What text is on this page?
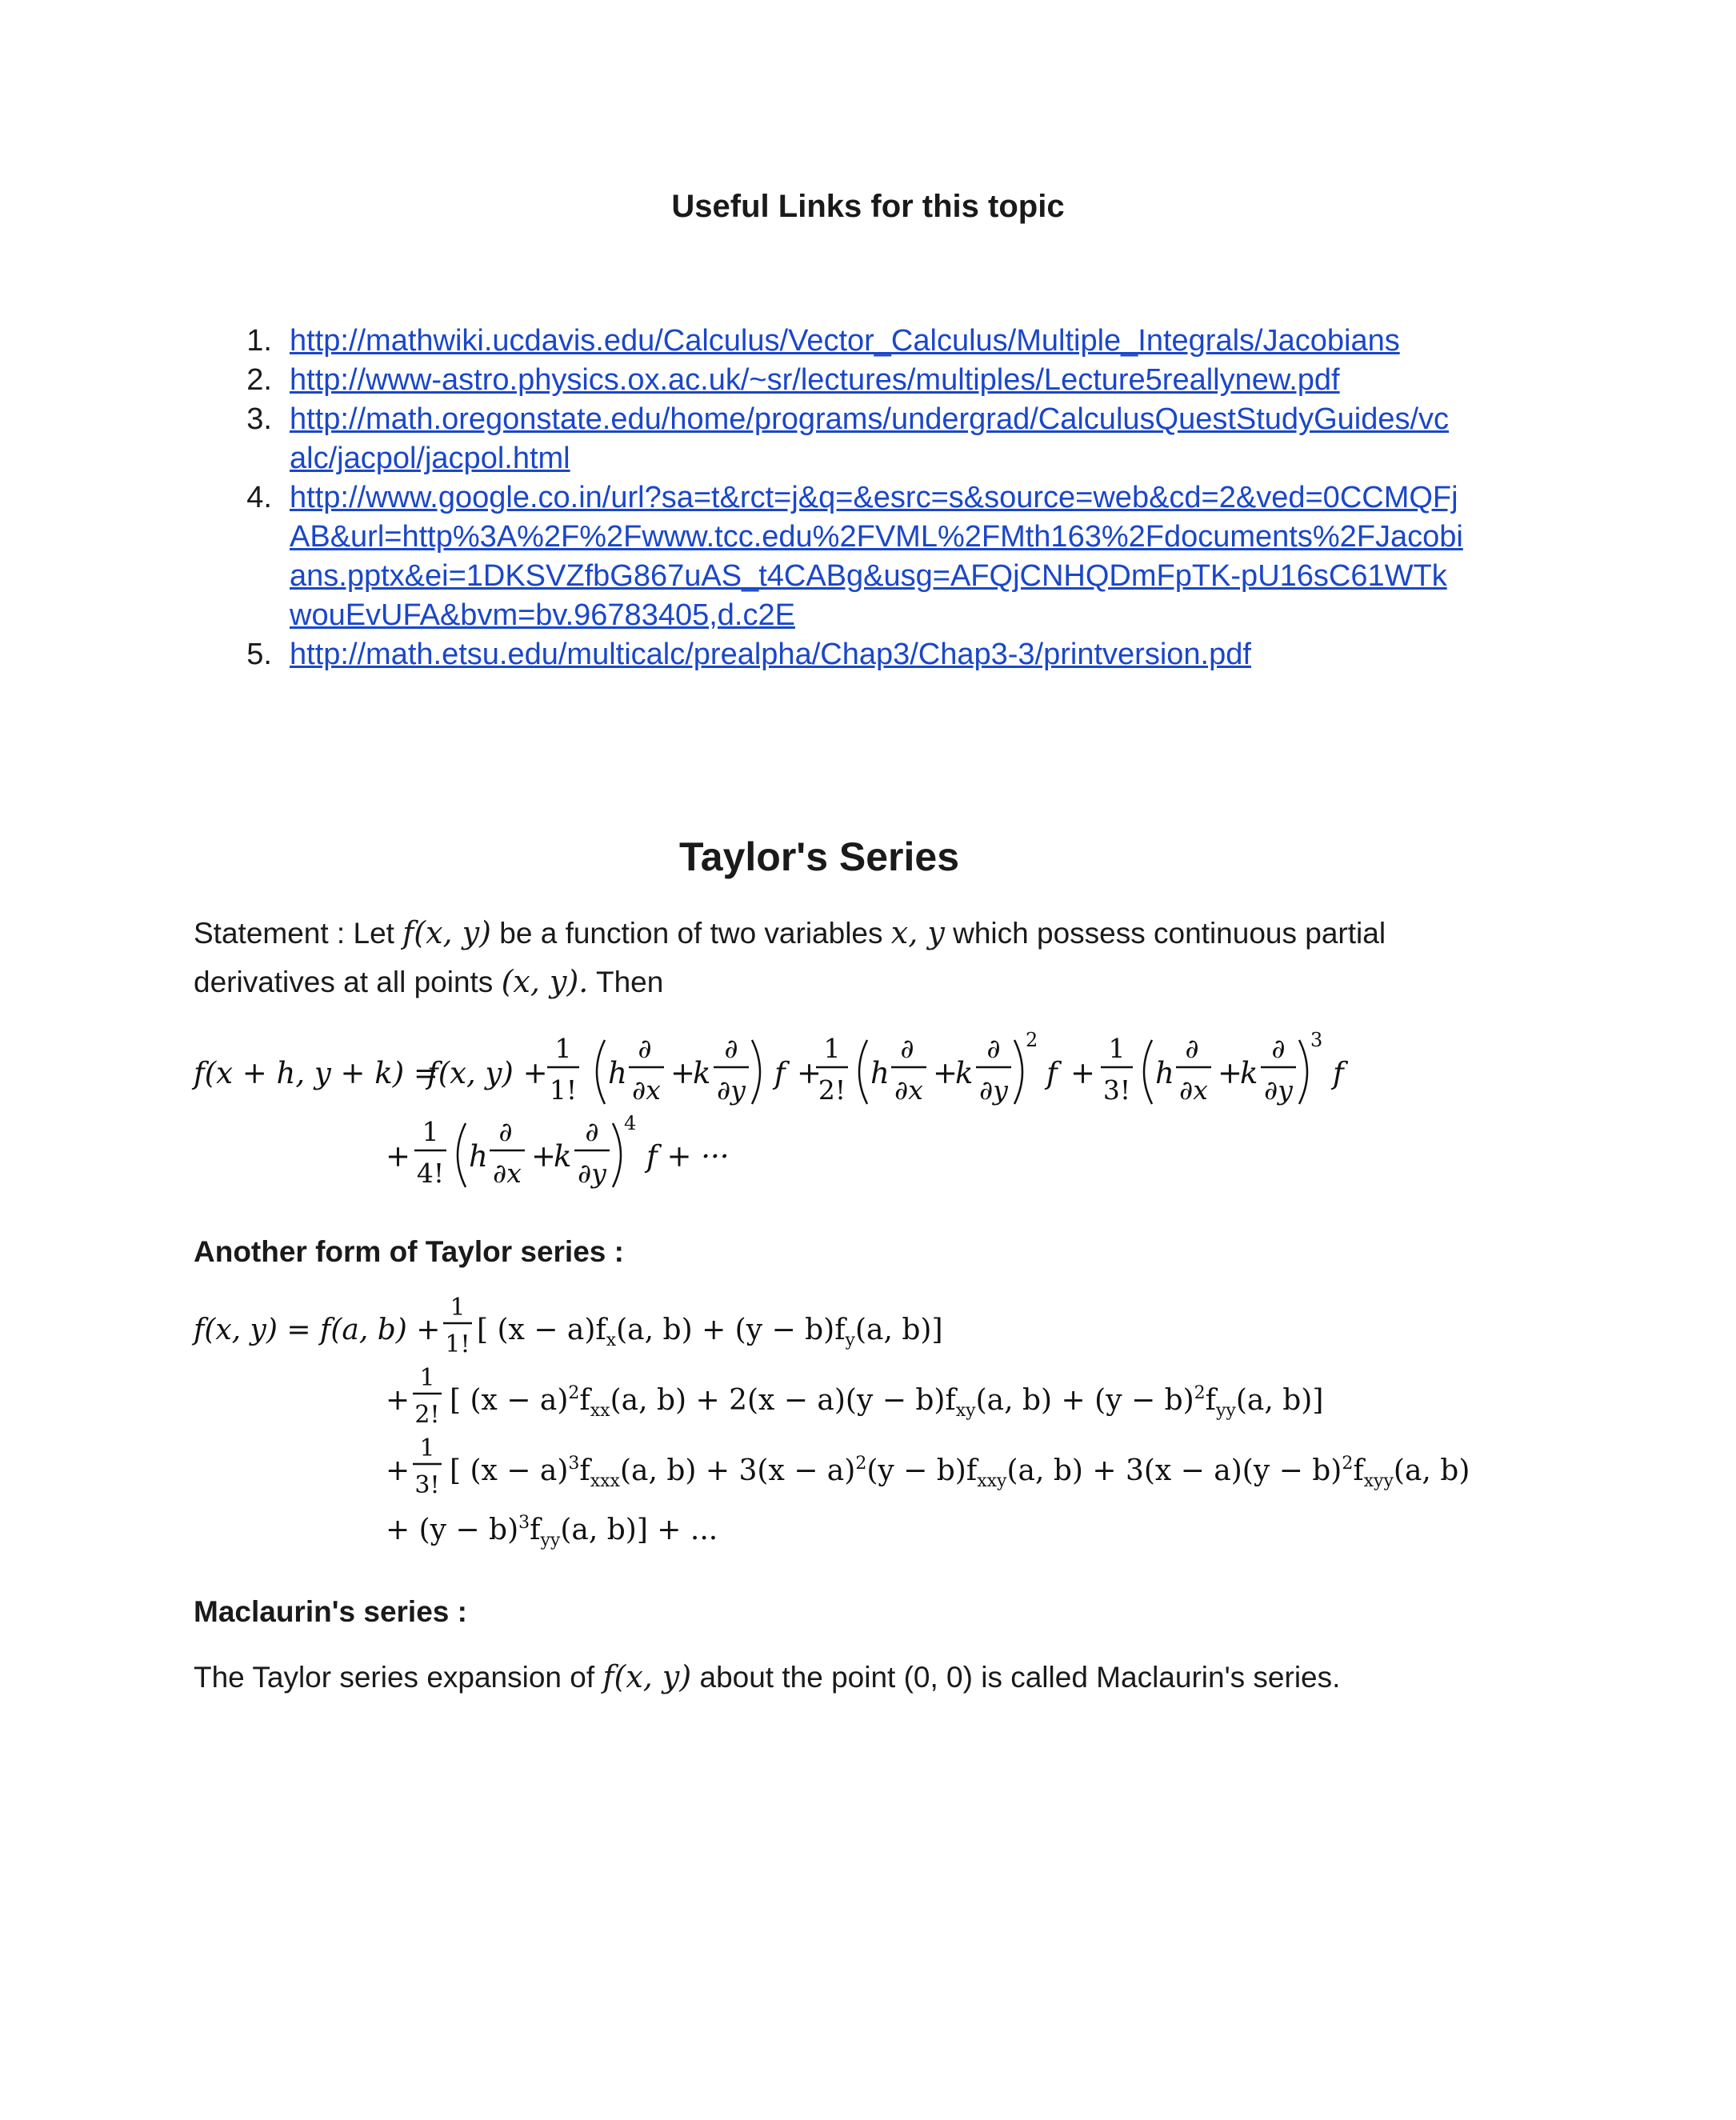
Useful Links for this topic
1. http://mathwiki.ucdavis.edu/Calculus/Vector_Calculus/Multiple_Integrals/Jacobians
2. http://www-astro.physics.ox.ac.uk/~sr/lectures/multiples/Lecture5reallynew.pdf
3. http://math.oregonstate.edu/home/programs/undergrad/CalculusQuestStudyGuides/vcalc/jacpol/jacpol.html
4. http://www.google.co.in/url?sa=t&rct=j&q=&esrc=s&source=web&cd=2&ved=0CCMQFjAB&url=http%3A%2F%2Fwww.tcc.edu%2FVML%2FMth163%2Fdocuments%2FJacobians.pptx&ei=1DKSVZfbG867uAS_t4CABg&usg=AFQjCNHQDmFpTK-pU16sC61WTkwouEvUFA&bvm=bv.96783405,d.c2E
5. http://math.etsu.edu/multicalc/prealpha/Chap3/Chap3-3/printversion.pdf
Taylor's Series

Statement : Let f(x, y) be a function of two variables x, y which possess continuous partial derivatives at all points (x, y). Then

f(x + h, y + k) =
f(x, y) +
1
1! h
∂
∂x +
k
∂
∂y f +
1
2! h
∂
∂x +
k
∂
∂y
2
f +
1
3! h
∂
∂x +
k
∂
∂y
3
f
+
1
4! h
∂
∂x +
k
∂
∂y
4
f + ···
Another form of Taylor series :
f(x, y) = f(a, b) +
1
1! [ $(x - a)f_x(a$, $b) + (y - b)f_y(a$, b)]
+
1
2! [ $(x - a)^2f_{xx}(a$, $b) + 2(x - a)(y - b)f_{xy}(a$, $b) + (y - b)^2f_{yy}(a$, b)]
+
1
3! [ $(x - a)^3f_{xxx}(a$, $b) + 3(x - a)^2(y - b)f_{xxy}(a$, $b) + 3(x - a)(y - b)^2f_{xyy}(a$, b)
+ $(y - b)^3f_{yy}(a$, b)] + ...
Maclaurin's series :

The Taylor series expansion of f(x, y) about the point (0, 0) is called Maclaurin's series.
